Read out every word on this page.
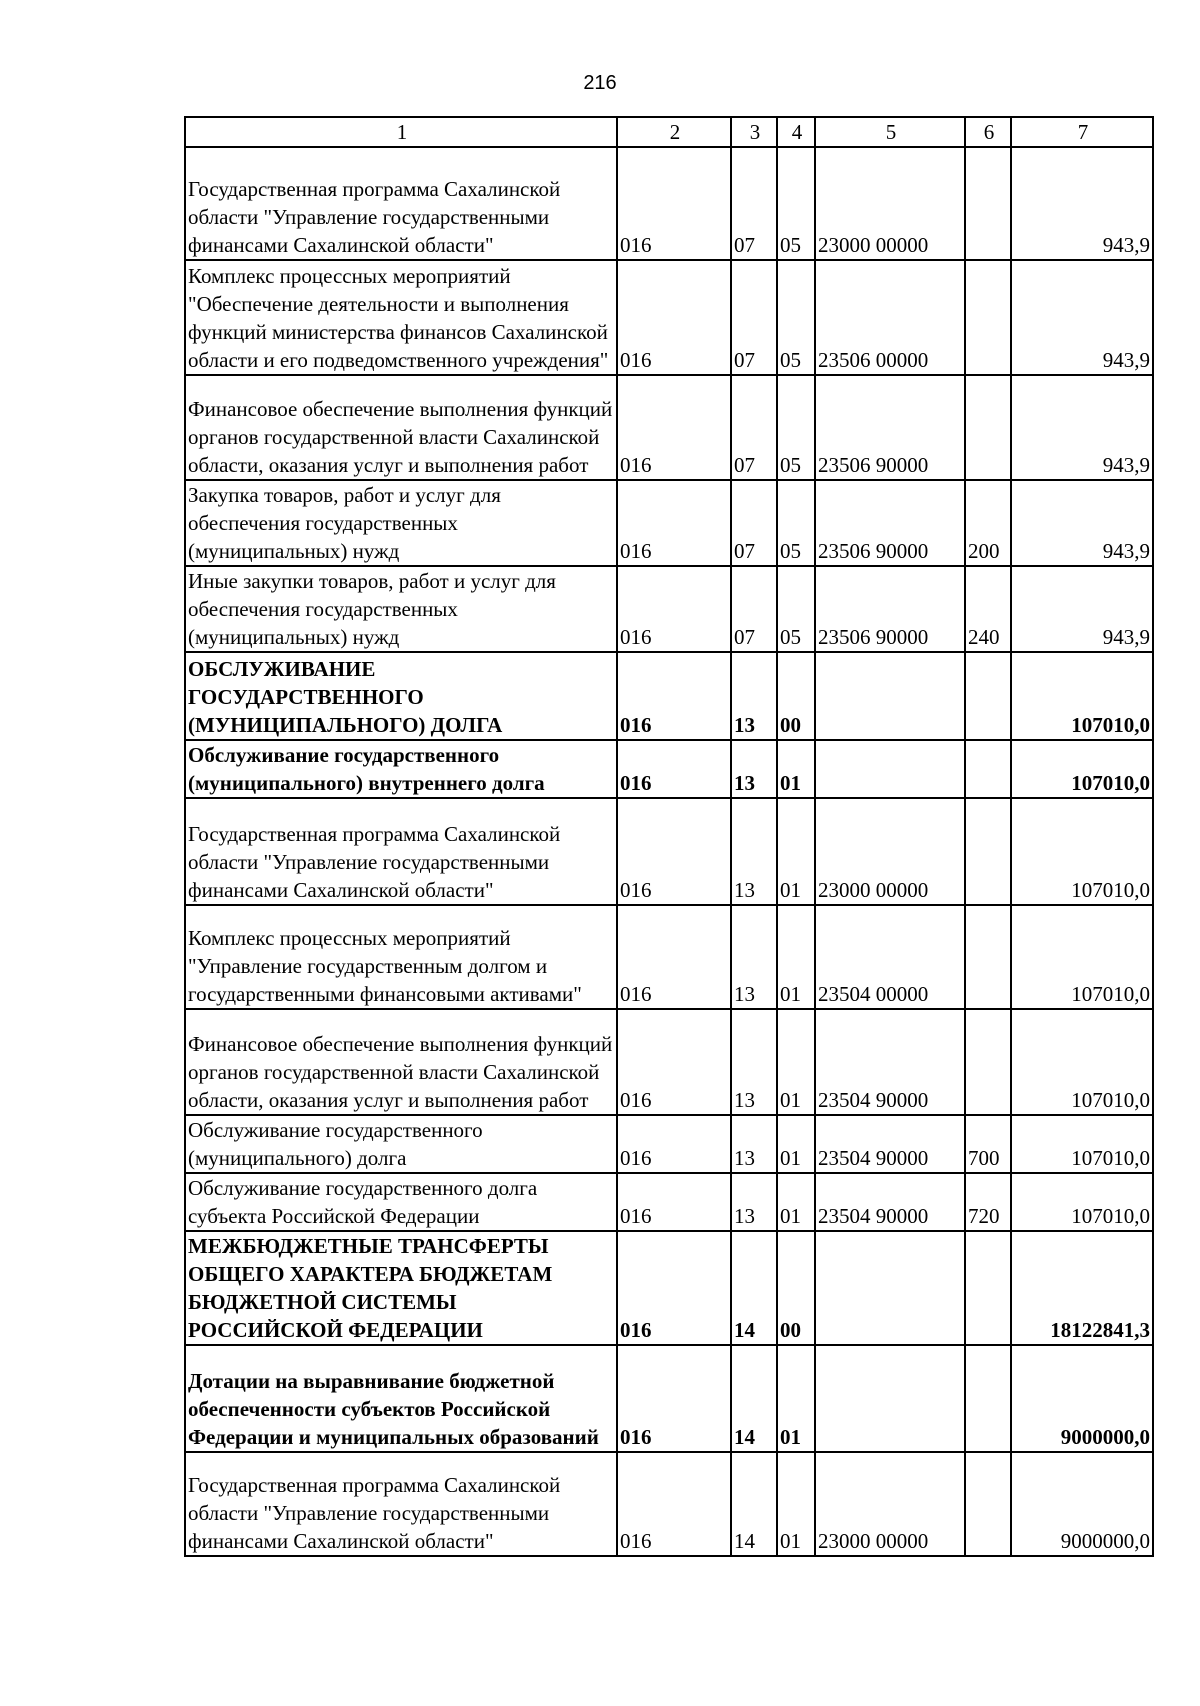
216
1	2	3	4	5	6	7
Государственная программа Сахалинской области "Управление государственными финансами Сахалинской области"	016	07	05	23000 00000		943,9
Комплекс процессных мероприятий "Обеспечение деятельности и выполнения функций министерства финансов Сахалинской области и его подведомственного учреждения"	016	07	05	23506 00000		943,9
Финансовое обеспечение выполнения функций органов государственной власти Сахалинской области, оказания услуг и выполнения работ	016	07	05	23506 90000		943,9
Закупка товаров, работ и услуг для обеспечения государственных (муниципальных) нужд	016	07	05	23506 90000	200	943,9
Иные закупки товаров, работ и услуг для обеспечения государственных (муниципальных) нужд	016	07	05	23506 90000	240	943,9
ОБСЛУЖИВАНИЕ ГОСУДАРСТВЕННОГО (МУНИЦИПАЛЬНОГО) ДОЛГА	016	13	00			107010,0
Обслуживание государственного (муниципального) внутреннего долга	016	13	01			107010,0
Государственная программа Сахалинской области "Управление государственными финансами Сахалинской области"	016	13	01	23000 00000		107010,0
Комплекс процессных мероприятий "Управление государственным долгом и государственными финансовыми активами"	016	13	01	23504 00000		107010,0
Финансовое обеспечение выполнения функций органов государственной власти Сахалинской области, оказания услуг и выполнения работ	016	13	01	23504 90000		107010,0
Обслуживание государственного (муниципального) долга	016	13	01	23504 90000	700	107010,0
Обслуживание государственного долга субъекта Российской Федерации	016	13	01	23504 90000	720	107010,0
МЕЖБЮДЖЕТНЫЕ ТРАНСФЕРТЫ ОБЩЕГО ХАРАКТЕРА БЮДЖЕТАМ БЮДЖЕТНОЙ СИСТЕМЫ РОССИЙСКОЙ ФЕДЕРАЦИИ	016	14	00			18122841,3
Дотации на выравнивание бюджетной обеспеченности субъектов Российской Федерации и муниципальных образований	016	14	01			9000000,0
Государственная программа Сахалинской области "Управление государственными финансами Сахалинской области"	016	14	01	23000 00000		9000000,0
